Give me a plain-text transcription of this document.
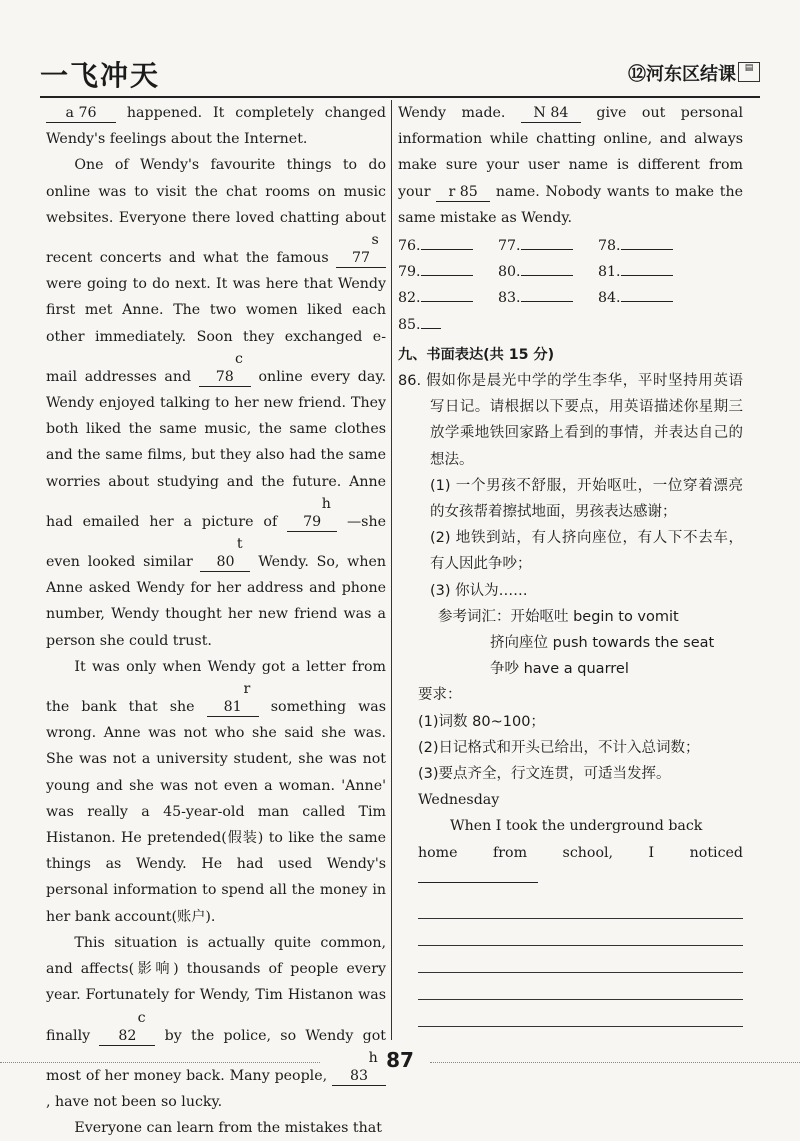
一飞冲天	⑫河东区结课 ▤

a 76 happened. It completely changed Wendy's feelings about the Internet.

One of Wendy's favourite things to do online was to visit the chat rooms on music websites. Everyone there loved chatting about recent concerts and what the famous s 77 were going to do next. It was here that Wendy first met Anne. The two women liked each other immediately. Soon they exchanged e-mail addresses and c 78 online every day. Wendy enjoyed talking to her new friend. They both liked the same music, the same clothes and the same films, but they also had the same worries about studying and the future. Anne had emailed her a picture of h 79 —she even looked similar t 80 Wendy. So, when Anne asked Wendy for her address and phone number, Wendy thought her new friend was a person she could trust.

It was only when Wendy got a letter from the bank that she r 81 something was wrong. Anne was not who she said she was. She was not a university student, she was not young and she was not even a woman. 'Anne' was really a 45-year-old man called Tim Histanon. He pretended(假装) to like the same things as Wendy. He had used Wendy's personal information to spend all the money in her bank account(账户).

This situation is actually quite common, and affects(影响) thousands of people every year. Fortunately for Wendy, Tim Histanon was finally c 82 by the police, so Wendy got most of her money back. Many people, h 83, have not been so lucky.

Everyone can learn from the mistakes that

Wendy made. N 84 give out personal information while chatting online, and always make sure your user name is different from your r 85 name. Nobody wants to make the same mistake as Wendy.

76.	77.	78.
79.	80.	81.
82.	83.	84.
85.
九、书面表达(共 15 分)
86. 假如你是晨光中学的学生李华，平时坚持用英语写日记。请根据以下要点，用英语描述你星期三放学乘地铁回家路上看到的事情，并表达自己的想法。
(1) 一个男孩不舒服，开始呕吐，一位穿着漂亮的女孩帮着擦拭地面，男孩表达感谢；
(2) 地铁到站，有人挤向座位，有人下不去车，有人因此争吵；
(3) 你认为……
参考词汇：开始呕吐 begin to vomit
挤向座位 push towards the seat
争吵 have a quarrel
要求：
(1)词数 80~100；
(2)日记格式和开头已给出，不计入总词数；
(3)要点齐全，行文连贯，可适当发挥。
Wednesday
When I took the underground back
home from school, I noticed
87
